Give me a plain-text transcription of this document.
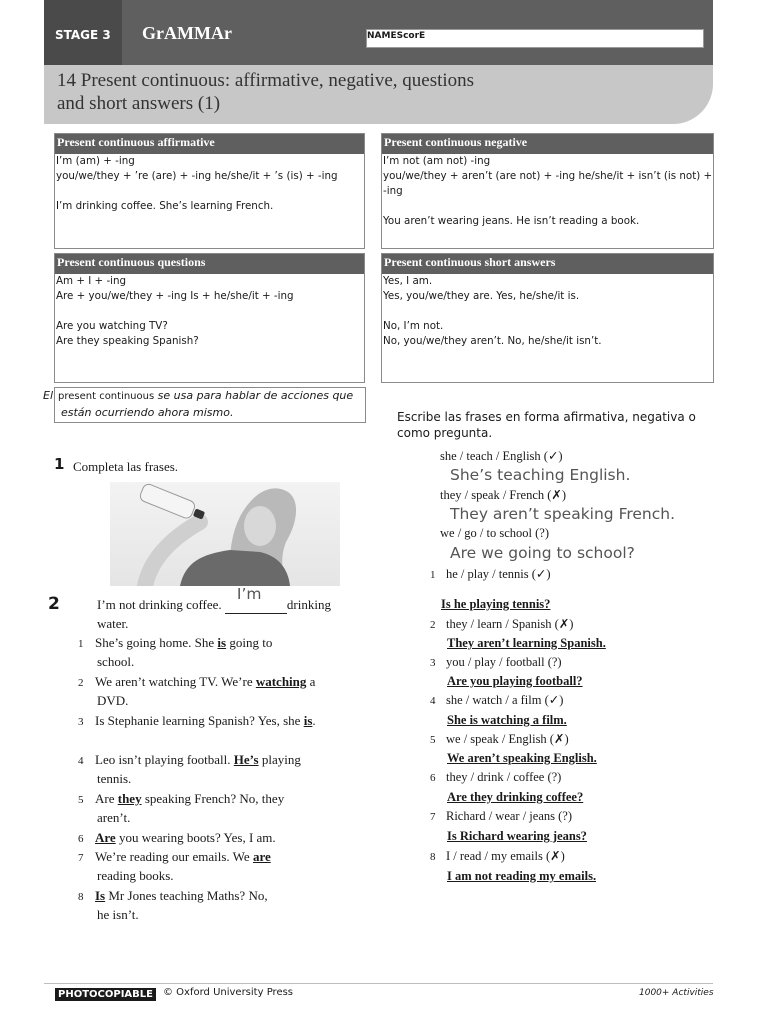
STAGE 3	GrAMMAr	NAMEScorE
14 Present continuous: affirmative, negative, questions
and short answers (1)
Present continuous affirmative
I’m (am) + -ing
you/we/they + ’re (are) + -ing he/she/it + ’s (is) + -ing
I’m drinking coffee. She’s learning French.
Present continuous negative
I’m not (am not) -ing
you/we/they + aren’t (are not) + -ing he/she/it + isn’t (is not) + -ing
You aren’t wearing jeans. He isn’t reading a book.
Present continuous questions
Am + I + -ing
Are + you/we/they + -ing Is + he/she/it + -ing
Are you watching TV?
Are they speaking Spanish?
Present continuous short answers
Yes, I am.
Yes, you/we/they are. Yes, he/she/it is.
No, I’m not.
No, you/we/they aren’t. No, he/she/it isn’t.
El present continuous se usa para hablar de acciones que
están ocurriendo ahora mismo.
1 Completa las frases.
2	I’m not drinking coffee.
I’m
drinking
water.
1 She’s going home. She is going to
school.
2 We aren’t watching TV. We’re watching a
DVD.
3 Is Stephanie learning Spanish? Yes, she is.
4 Leo isn’t playing football. He’s playing
tennis.
5 Are they speaking French? No, they
aren’t.
6 Are you wearing boots? Yes, I am.
7 We’re reading our emails. We are
reading books.
8 Is Mr Jones teaching Maths? No,
he isn’t.
Escribe las frases en forma afirmativa, negativa o
como pregunta.
she / teach / English (✓)
She’s teaching English.
they / speak / French (✗)
They aren’t speaking French.
we / go / to school (?)
Are we going to school?
1 he / play / tennis (✓)
Is he playing tennis?
2 they / learn / Spanish (✗)
They aren’t learning Spanish.
3 you / play / football (?)
Are you playing football?
4 she / watch / a film (✓)
She is watching a film.
5 we / speak / English (✗)
We aren’t speaking English.
6 they / drink / coffee (?)
Are they drinking coffee?
7 Richard / wear / jeans (?)
Is Richard wearing jeans?
8 I / read / my emails (✗)
I am not reading my emails.
PHOTOCOPIABLE	© Oxford University Press	1000+ Activities
